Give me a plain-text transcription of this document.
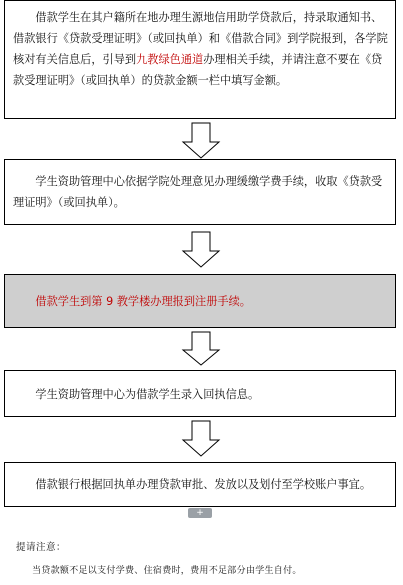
借款学生在其户籍所在地办理生源地信用助学贷款后，持录取通知书、借款银行《贷款受理证明》（或回执单）和《借款合同》到学院报到，各学院核对有关信息后，引导到九教绿色通道办理相关手续，并请注意不要在《贷款受理证明》（或回执单）的贷款金额一栏中填写金额。

学生资助管理中心依据学院处理意见办理缓缴学费手续，收取《贷款受理证明》（或回执单）。

借款学生到第 9 教学楼办理报到注册手续。

学生资助管理中心为借款学生录入回执信息。

借款银行根据回执单办理贷款审批、发放以及划付至学校账户事宜。

+
提请注意：
当贷款额不足以支付学费、住宿费时，费用不足部分由学生自付。
